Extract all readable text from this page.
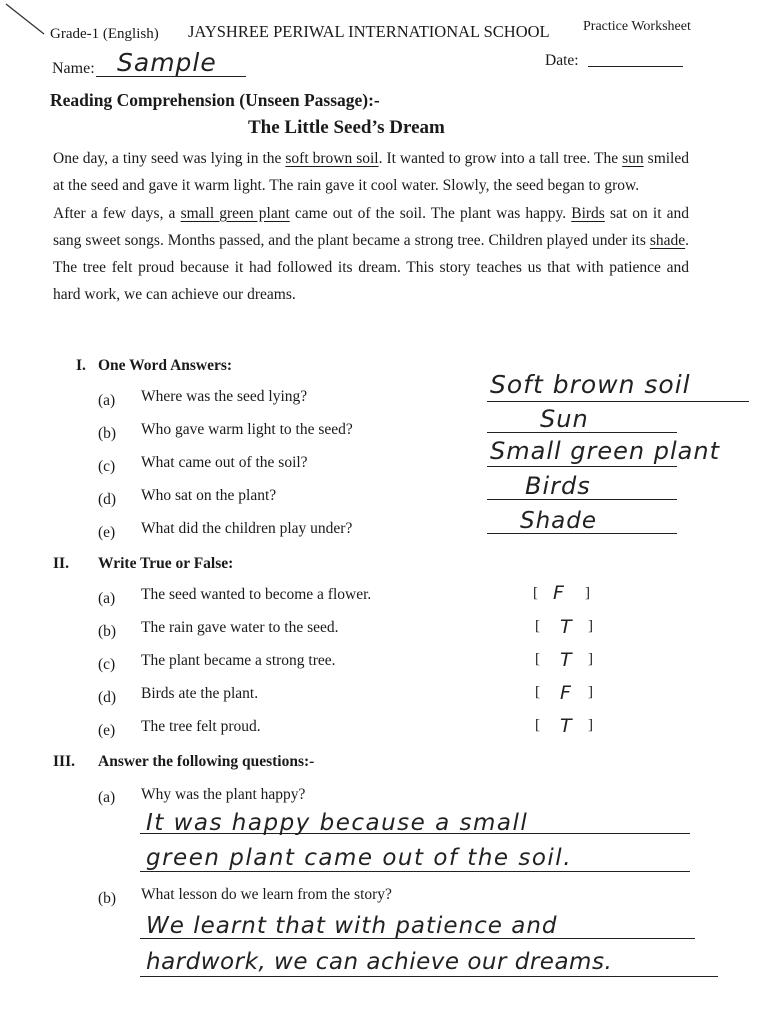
Grade-1 (English) JAYSHREE PERIWAL INTERNATIONAL SCHOOL Practice Worksheet
Name: Sample	Date:
Reading Comprehension (Unseen Passage):-
The Little Seed’s Dream

One day, a tiny seed was lying in the soft brown soil. It wanted to grow into a tall tree. The sun smiled at the seed and gave it warm light. The rain gave it cool water. Slowly, the seed began to grow.

After a few days, a small green plant came out of the soil. The plant was happy. Birds sat on it and sang sweet songs. Months passed, and the plant became a strong tree. Children played under its shade. The tree felt proud because it had followed its dream. This story teaches us that with patience and hard work, we can achieve our dreams.

I. One Word Answers:
(a) Where was the seed lying?	Soft brown soil
(b) Who gave warm light to the seed?	Sun
(c) What came out of the soil?	Small green plant
(d) Who sat on the plant?	Birds
(e) What did the children play under?	Shade
II. Write True or False:
(a) The seed wanted to become a flower.	[ F ]
(b) The rain gave water to the seed.	[ T ]
(c) The plant became a strong tree.	[ T ]
(d) Birds ate the plant.	[ F ]
(e) The tree felt proud.	[ T ]
III. Answer the following questions:-
(a) Why was the plant happy?
It was happy because a small
green plant came out of the soil.
(b) What lesson do we learn from the story?
We learnt that with patience and
hardwork, we can achieve our dreams.
